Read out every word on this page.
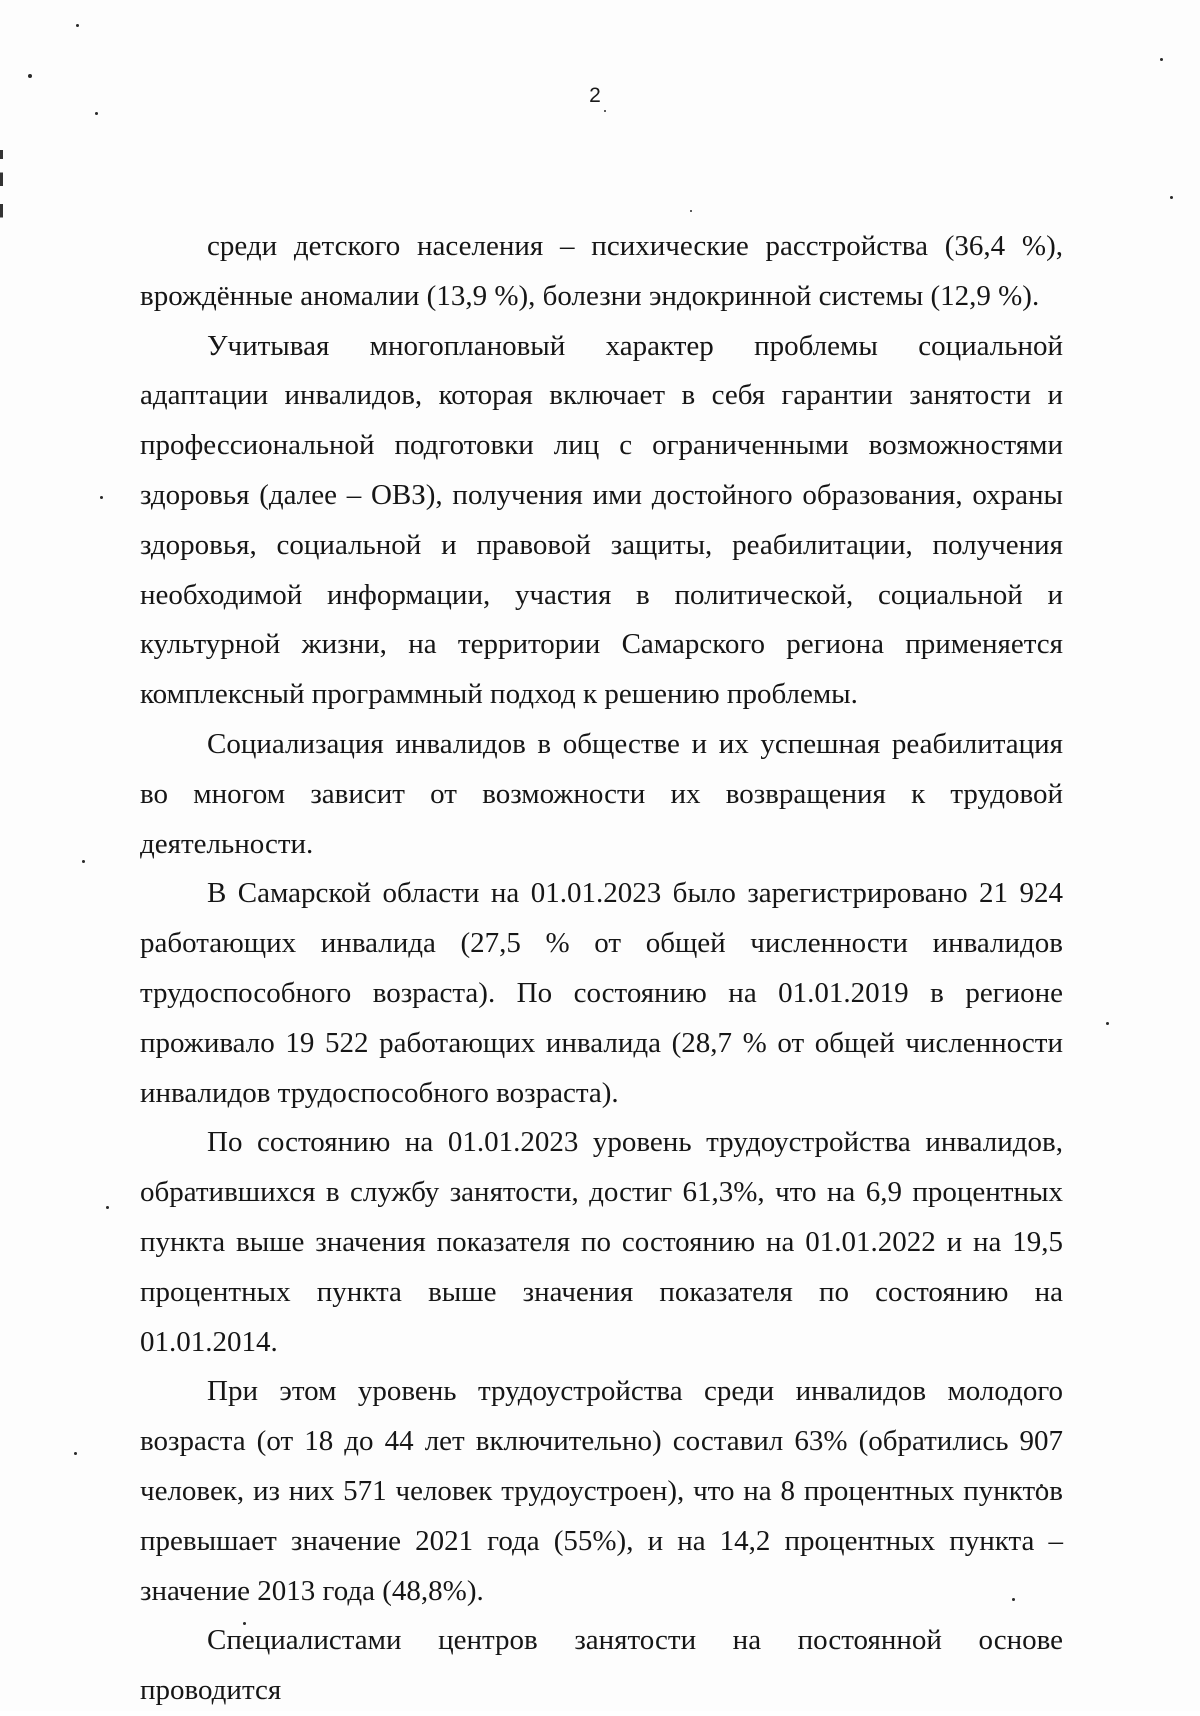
2

среди детского населения – психические расстройства (36,4 %), врождённые аномалии (13,9 %), болезни эндокринной системы (12,9 %).

Учитывая многоплановый характер проблемы социальной адаптации инвалидов, которая включает в себя гарантии занятости и профессиональной подготовки лиц с ограниченными возможностями здоровья (далее – ОВЗ), получения ими достойного образования, охраны здоровья, социальной и правовой защиты, реабилитации, получения необходимой информации, участия в политической, социальной и культурной жизни, на территории Самарского региона применяется комплексный программный подход к решению проблемы.

Социализация инвалидов в обществе и их успешная реабилитация во многом зависит от возможности их возвращения к трудовой деятельности.

В Самарской области на 01.01.2023 было зарегистрировано 21 924 работающих инвалида (27,5 % от общей численности инвалидов трудоспособного возраста). По состоянию на 01.01.2019 в регионе проживало 19 522 работающих инвалида (28,7 % от общей численности инвалидов трудоспособного возраста).

По состоянию на 01.01.2023 уровень трудоустройства инвалидов, обратившихся в службу занятости, достиг 61,3%, что на 6,9 процентных пункта выше значения показателя по состоянию на 01.01.2022 и на 19,5 процентных пункта выше значения показателя по состоянию на 01.01.2014.

При этом уровень трудоустройства среди инвалидов молодого возраста (от 18 до 44 лет включительно) составил 63% (обратились 907 человек, из них 571 человек трудоустроен), что на 8 процентных пунктов превышает значение 2021 года (55%), и на 14,2 процентных пункта – значение 2013 года (48,8%).

Специалистами центров занятости на постоянной основе проводится
